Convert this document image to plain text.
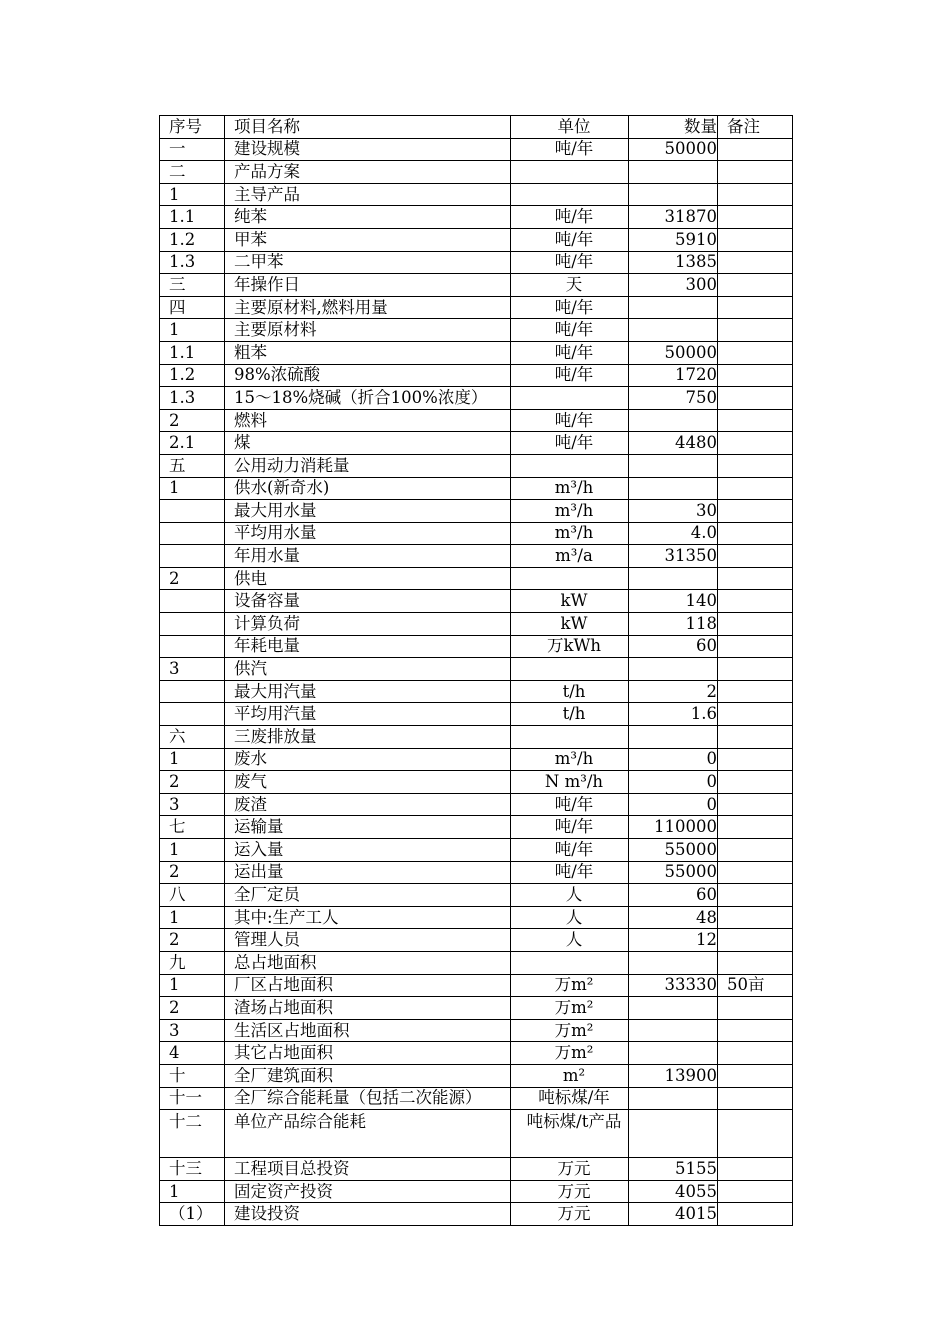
序号	项目名称	单位	数量	备注
一	建设规模	吨/年	50000	
二	产品方案			
1	主导产品			
1.1	纯苯	吨/年	31870	
1.2	甲苯	吨/年	5910	
1.3	二甲苯	吨/年	1385	
三	年操作日	天	300	
四	主要原材料,燃料用量	吨/年		
1	主要原材料	吨/年		
1.1	粗苯	吨/年	50000	
1.2	98%浓硫酸	吨/年	1720	
1.3	15～18%烧碱（折合100%浓度）		750	
2	燃料	吨/年		
2.1	煤	吨/年	4480	
五	公用动力消耗量			
1	供水(新奇水)	m³/h		
	最大用水量	m³/h	30	
	平均用水量	m³/h	4.0	
	年用水量	m³/a	31350	
2	供电			
	设备容量	kW	140	
	计算负荷	kW	118	
	年耗电量	万kWh	60	
3	供汽			
	最大用汽量	t/h	2	
	平均用汽量	t/h	1.6	
六	三废排放量			
1	废水	m³/h	0	
2	废气	N m³/h	0	
3	废渣	吨/年	0	
七	运输量	吨/年	110000	
1	运入量	吨/年	55000	
2	运出量	吨/年	55000	
八	全厂定员	人	60	
1	其中:生产工人	人	48	
2	管理人员	人	12	
九	总占地面积			
1	厂区占地面积	万m²	33330	50亩
2	渣场占地面积	万m²		
3	生活区占地面积	万m²		
4	其它占地面积	万m²		
十	全厂建筑面积	m²	13900	
十一	全厂综合能耗量（包括二次能源）	吨标煤/年		
十二	单位产品综合能耗	吨标煤/t产品		
十三	工程项目总投资	万元	5155	
1	固定资产投资	万元	4055	
（1）	建设投资	万元	4015	
